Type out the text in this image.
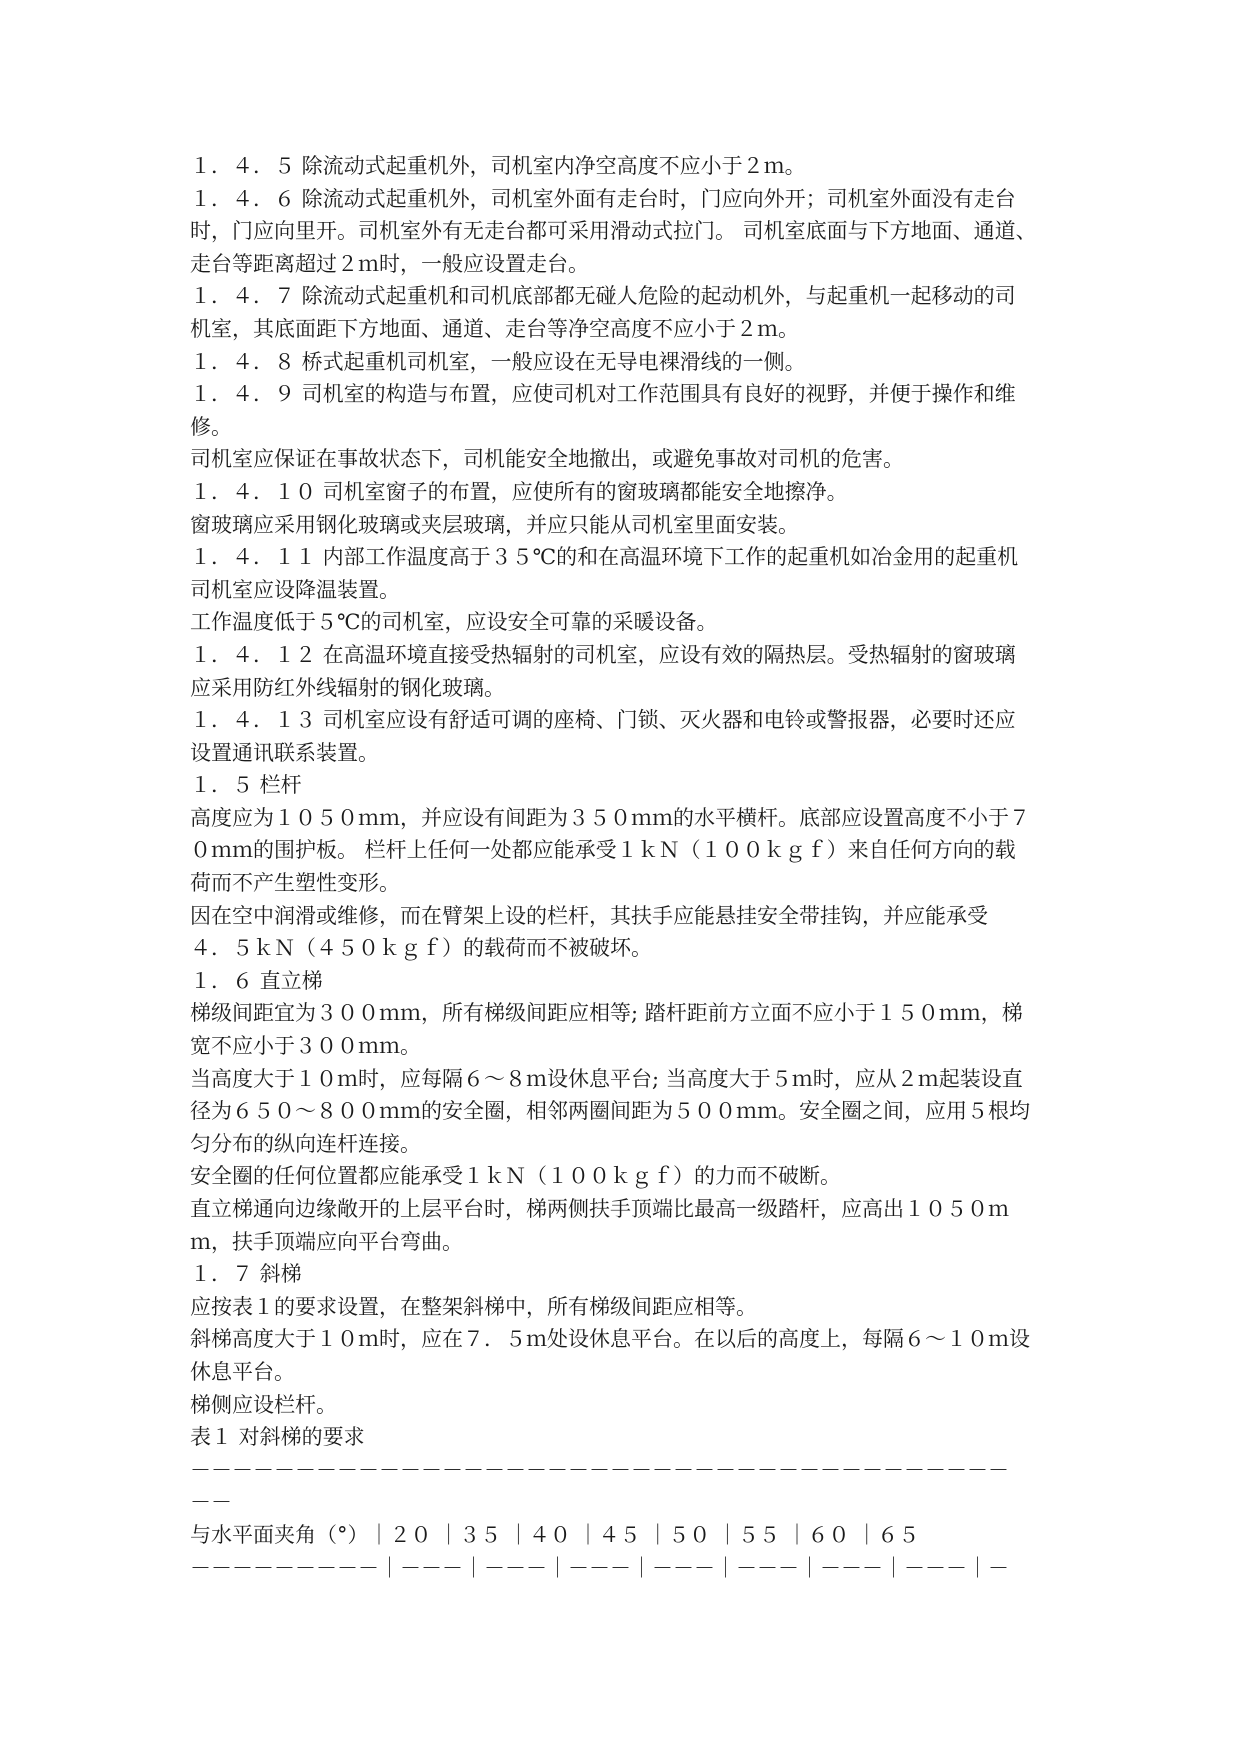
１．４．５ 除流动式起重机外，司机室内净空高度不应小于２ｍ。
１．４．６ 除流动式起重机外，司机室外面有走台时，门应向外开；司机室外面没有走台
时，门应向里开。司机室外有无走台都可采用滑动式拉门。 司机室底面与下方地面、通道、
走台等距离超过２ｍ时，一般应设置走台。
１．４．７ 除流动式起重机和司机底部都无碰人危险的起动机外，与起重机一起移动的司
机室，其底面距下方地面、通道、走台等净空高度不应小于２ｍ。
１．４．８ 桥式起重机司机室，一般应设在无导电裸滑线的一侧。
１．４．９ 司机室的构造与布置，应使司机对工作范围具有良好的视野，并便于操作和维
修。
司机室应保证在事故状态下，司机能安全地撤出，或避免事故对司机的危害。
１．４．１０ 司机室窗子的布置，应使所有的窗玻璃都能安全地擦净。
窗玻璃应采用钢化玻璃或夹层玻璃，并应只能从司机室里面安装。
１．４．１１ 内部工作温度高于３５℃的和在高温环境下工作的起重机如冶金用的起重机
司机室应设降温装置。
工作温度低于５℃的司机室，应设安全可靠的采暖设备。
１．４．１２ 在高温环境直接受热辐射的司机室，应设有效的隔热层。受热辐射的窗玻璃
应采用防红外线辐射的钢化玻璃。
１．４．１３ 司机室应设有舒适可调的座椅、门锁、灭火器和电铃或警报器，必要时还应
设置通讯联系装置。
１．５ 栏杆
高度应为１０５０ｍｍ，并应设有间距为３５０ｍｍ的水平横杆。底部应设置高度不小于７
０ｍｍ的围护板。 栏杆上任何一处都应能承受１ｋＮ（１００ｋｇｆ）来自任何方向的载
荷而不产生塑性变形。
因在空中润滑或维修，而在臂架上设的栏杆，其扶手应能悬挂安全带挂钩，并应能承受
４．５ｋＮ（４５０ｋｇｆ）的载荷而不被破坏。
１．６ 直立梯
梯级间距宜为３００ｍｍ，所有梯级间距应相等; 踏杆距前方立面不应小于１５０ｍｍ，梯
宽不应小于３００ｍｍ。
当高度大于１０ｍ时，应每隔６～８ｍ设休息平台; 当高度大于５ｍ时，应从２ｍ起装设直
径为６５０～８００ｍｍ的安全圈，相邻两圈间距为５００ｍｍ。安全圈之间，应用５根均
匀分布的纵向连杆连接。
安全圈的任何位置都应能承受１ｋＮ（１００ｋｇｆ）的力而不破断。
直立梯通向边缘敞开的上层平台时，梯两侧扶手顶端比最高一级踏杆，应高出１０５０ｍ
ｍ，扶手顶端应向平台弯曲。
１．７ 斜梯
应按表１的要求设置，在整架斜梯中，所有梯级间距应相等。
斜梯高度大于１０ｍ时，应在７．５ｍ处设休息平台。在以后的高度上，每隔６～１０ｍ设
休息平台。
梯侧应设栏杆。
表１ 对斜梯的要求
－－－－－－－－－－－－－－－－－－－－－－－－－－－－－－－－－－－－－－－
－－
与水平面夹角（°）｜２０ ｜３５ ｜４０ ｜４５ ｜５０ ｜５５ ｜６０ ｜６５
－－－－－－－－－｜－－－｜－－－｜－－－｜－－－｜－－－｜－－－｜－－－｜－
